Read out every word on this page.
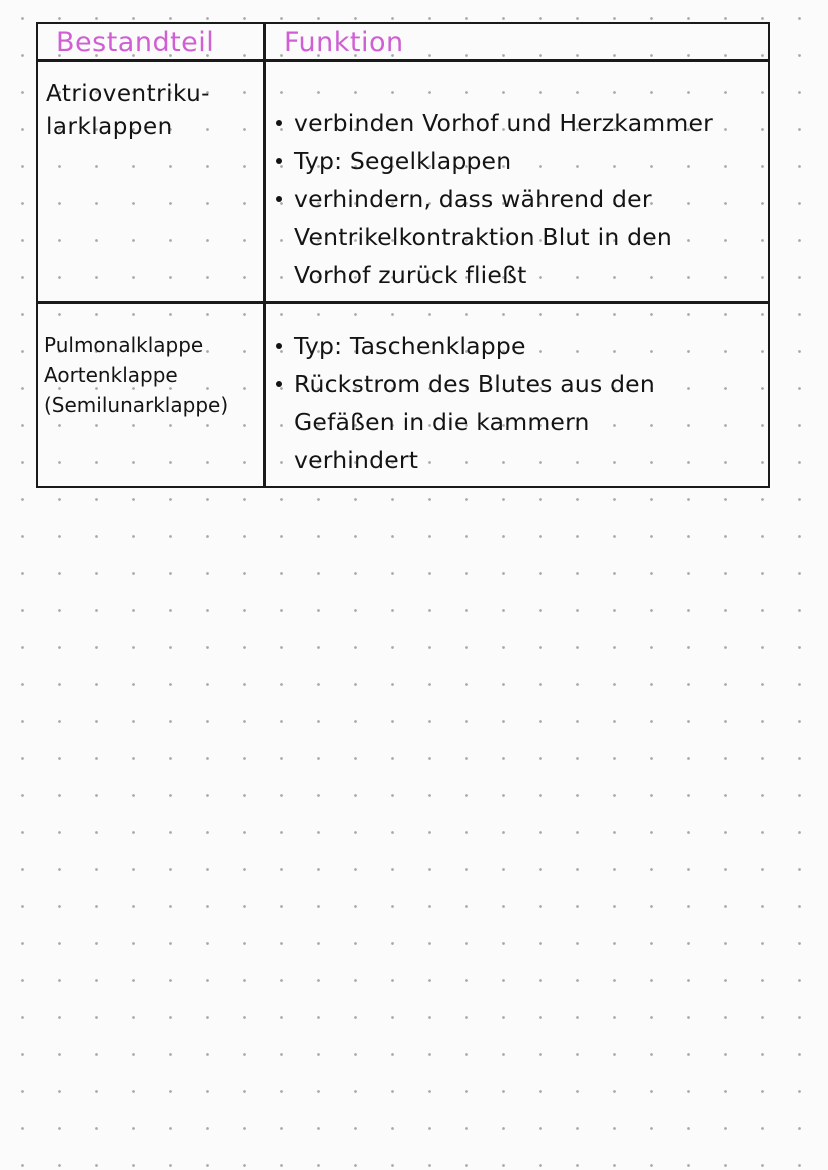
Bestandteil	Funktion
Atrioventriku-
larklappen	verbinden Vorhof und Herzkammer
Typ: Segelklappen
verhindern, dass während der
Ventrikelkontraktion Blut in den
Vorhof zurück fließt
Pulmonalklappe
Aortenklappe
(Semilunarklappe)
Typ: Taschenklappe
Rückstrom des Blutes aus den
Gefäßen in die kammern
verhindert
